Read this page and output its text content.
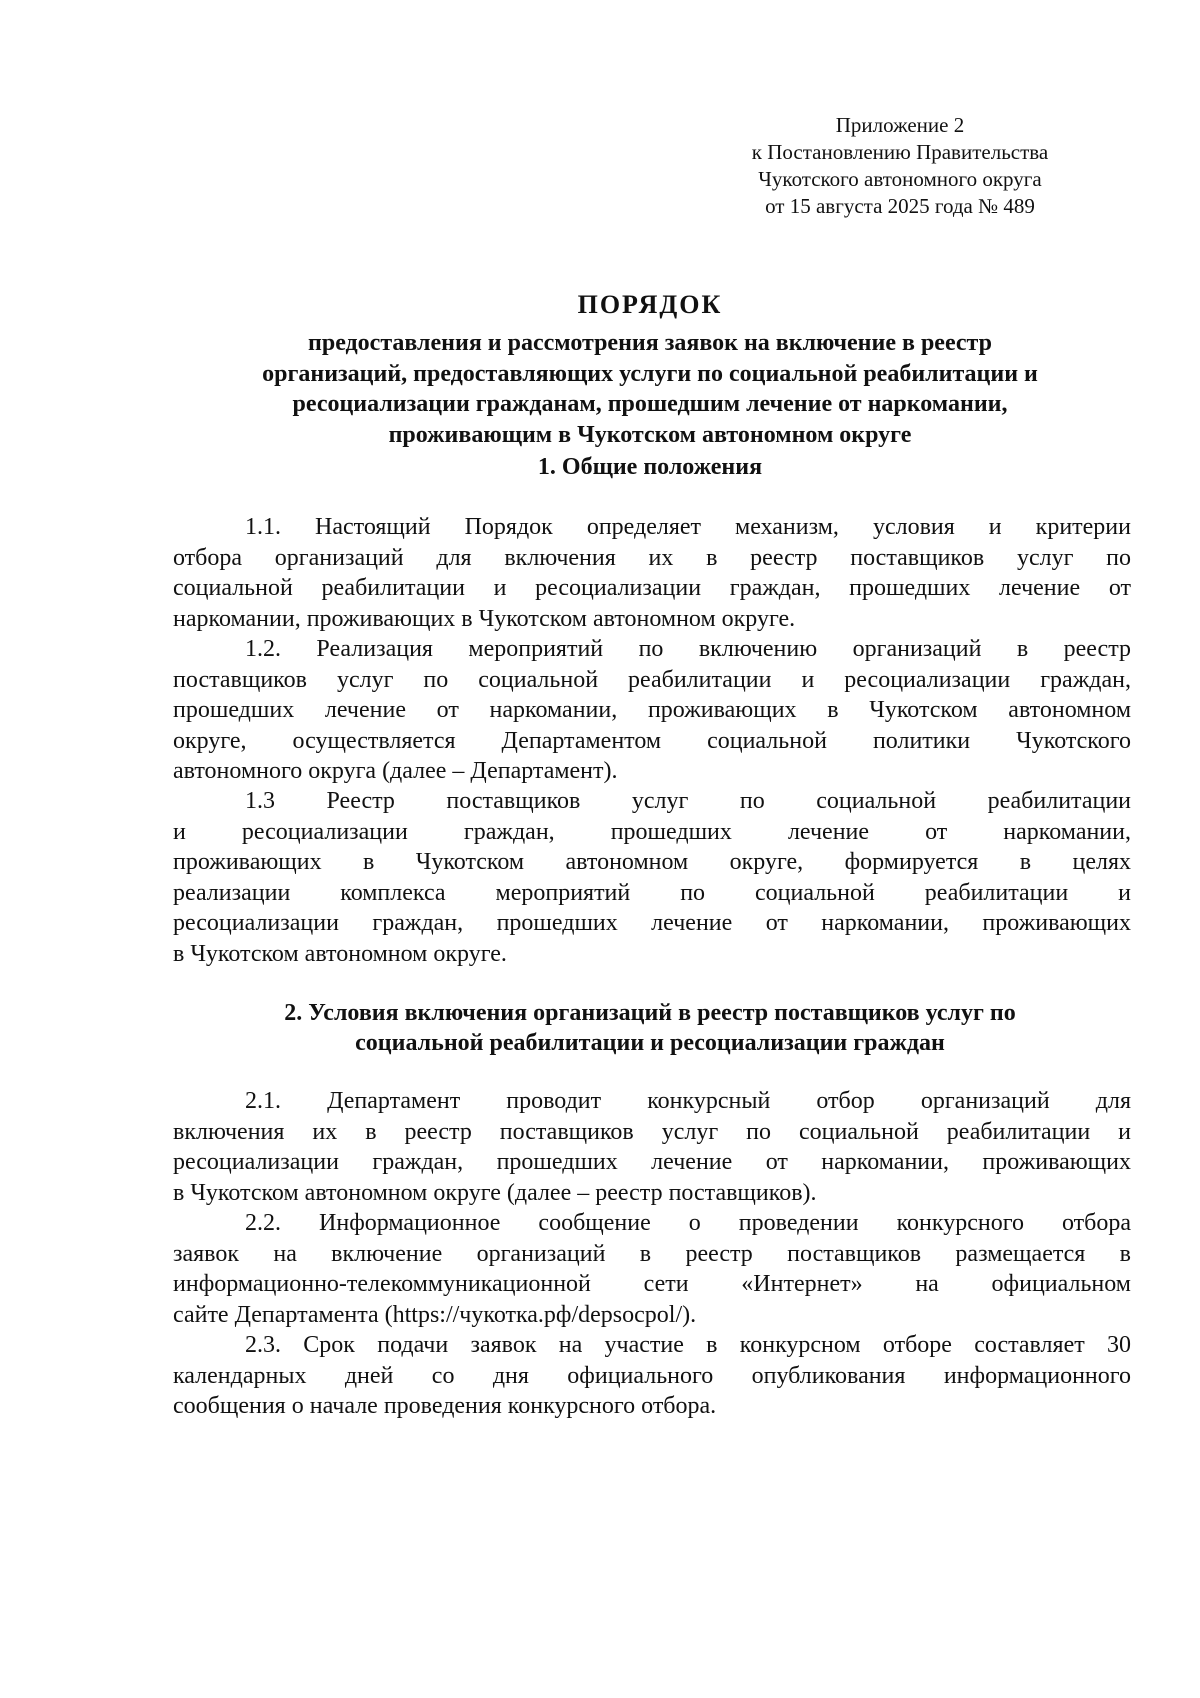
Приложение 2
к Постановлению Правительства
Чукотского автономного округа
от 15 августа 2025 года № 489
ПОРЯДОК
предоставления и рассмотрения заявок на включение в реестр
организаций, предоставляющих услуги по социальной реабилитации и
ресоциализации гражданам, прошедшим лечение от наркомании,
проживающим в Чукотском автономном округе
1. Общие положения
1.1. Настоящий Порядок определяет механизм, условия и критерии
отбора организаций для включения их в реестр поставщиков услуг по
социальной реабилитации и ресоциализации граждан, прошедших лечение от
наркомании, проживающих в Чукотском автономном округе.
1.2. Реализация мероприятий по включению организаций в реестр
поставщиков услуг по социальной реабилитации и ресоциализации граждан,
прошедших лечение от наркомании, проживающих в Чукотском автономном
округе, осуществляется Департаментом социальной политики Чукотского
автономного округа (далее – Департамент).
1.3 Реестр поставщиков услуг по социальной реабилитации
и ресоциализации граждан, прошедших лечение от наркомании,
проживающих в Чукотском автономном округе, формируется в целях
реализации комплекса мероприятий по социальной реабилитации и
ресоциализации граждан, прошедших лечение от наркомании, проживающих
в Чукотском автономном округе.
2. Условия включения организаций в реестр поставщиков услуг по
социальной реабилитации и ресоциализации граждан
2.1. Департамент проводит конкурсный отбор организаций для
включения их в реестр поставщиков услуг по социальной реабилитации и
ресоциализации граждан, прошедших лечение от наркомании, проживающих
в Чукотском автономном округе (далее – реестр поставщиков).
2.2. Информационное сообщение о проведении конкурсного отбора
заявок на включение организаций в реестр поставщиков размещается в
информационно-телекоммуникационной сети «Интернет» на официальном
сайте Департамента (https://чукотка.рф/depsocpol/).
2.3. Срок подачи заявок на участие в конкурсном отборе составляет 30
календарных дней со дня официального опубликования информационного
сообщения о начале проведения конкурсного отбора.
